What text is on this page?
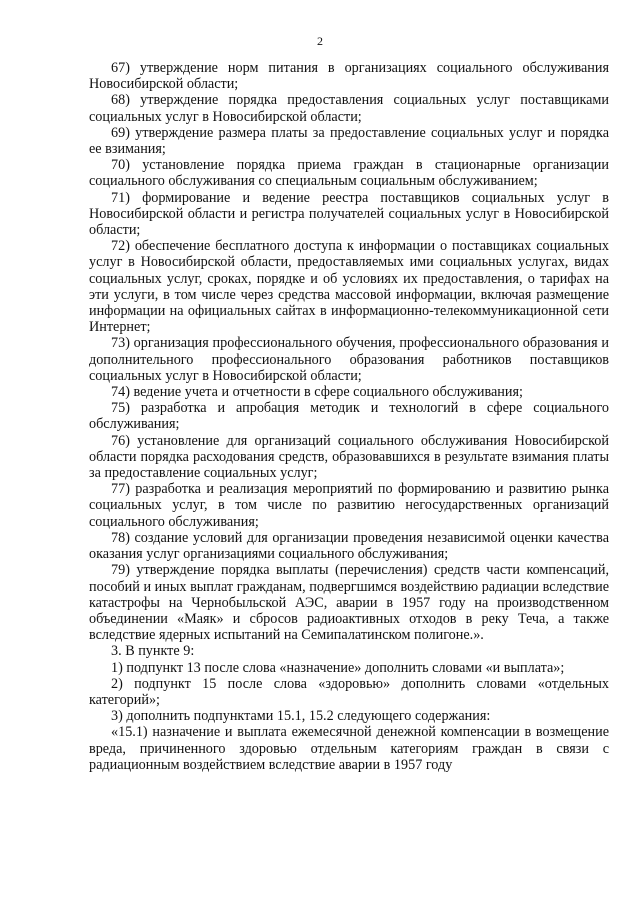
2

67) утверждение норм питания в организациях социального обслуживания Новосибирской области;

68) утверждение порядка предоставления социальных услуг поставщиками социальных услуг в Новосибирской области;

69) утверждение размера платы за предоставление социальных услуг и порядка ее взимания;

70) установление порядка приема граждан в стационарные организации социального обслуживания со специальным социальным обслуживанием;

71) формирование и ведение реестра поставщиков социальных услуг в Новосибирской области и регистра получателей социальных услуг в Новосибирской области;

72) обеспечение бесплатного доступа к информации о поставщиках социальных услуг в Новосибирской области, предоставляемых ими социальных услугах, видах социальных услуг, сроках, порядке и об условиях их предоставления, о тарифах на эти услуги, в том числе через средства массовой информации, включая размещение информации на официальных сайтах в информационно-телекоммуникационной сети Интернет;

73) организация профессионального обучения, профессионального образования и дополнительного профессионального образования работников поставщиков социальных услуг в Новосибирской области;

74) ведение учета и отчетности в сфере социального обслуживания;

75) разработка и апробация методик и технологий в сфере социального обслуживания;

76) установление для организаций социального обслуживания Новосибирской области порядка расходования средств, образовавшихся в результате взимания платы за предоставление социальных услуг;

77) разработка и реализация мероприятий по формированию и развитию рынка социальных услуг, в том числе по развитию негосударственных организаций социального обслуживания;

78) создание условий для организации проведения независимой оценки качества оказания услуг организациями социального обслуживания;

79) утверждение порядка выплаты (перечисления) средств части компенсаций, пособий и иных выплат гражданам, подвергшимся воздействию радиации вследствие катастрофы на Чернобыльской АЭС, аварии в 1957 году на производственном объединении «Маяк» и сбросов радиоактивных отходов в реку Теча, а также вследствие ядерных испытаний на Семипалатинском полигоне.».

3. В пункте 9:

1) подпункт 13 после слова «назначение» дополнить словами «и выплата»;

2) подпункт 15 после слова «здоровью» дополнить словами «отдельных категорий»;

3) дополнить подпунктами 15.1, 15.2 следующего содержания:

«15.1) назначение и выплата ежемесячной денежной компенсации в возмещение вреда, причиненного здоровью отдельным категориям граждан в связи с радиационным воздействием вследствие аварии в 1957 году
